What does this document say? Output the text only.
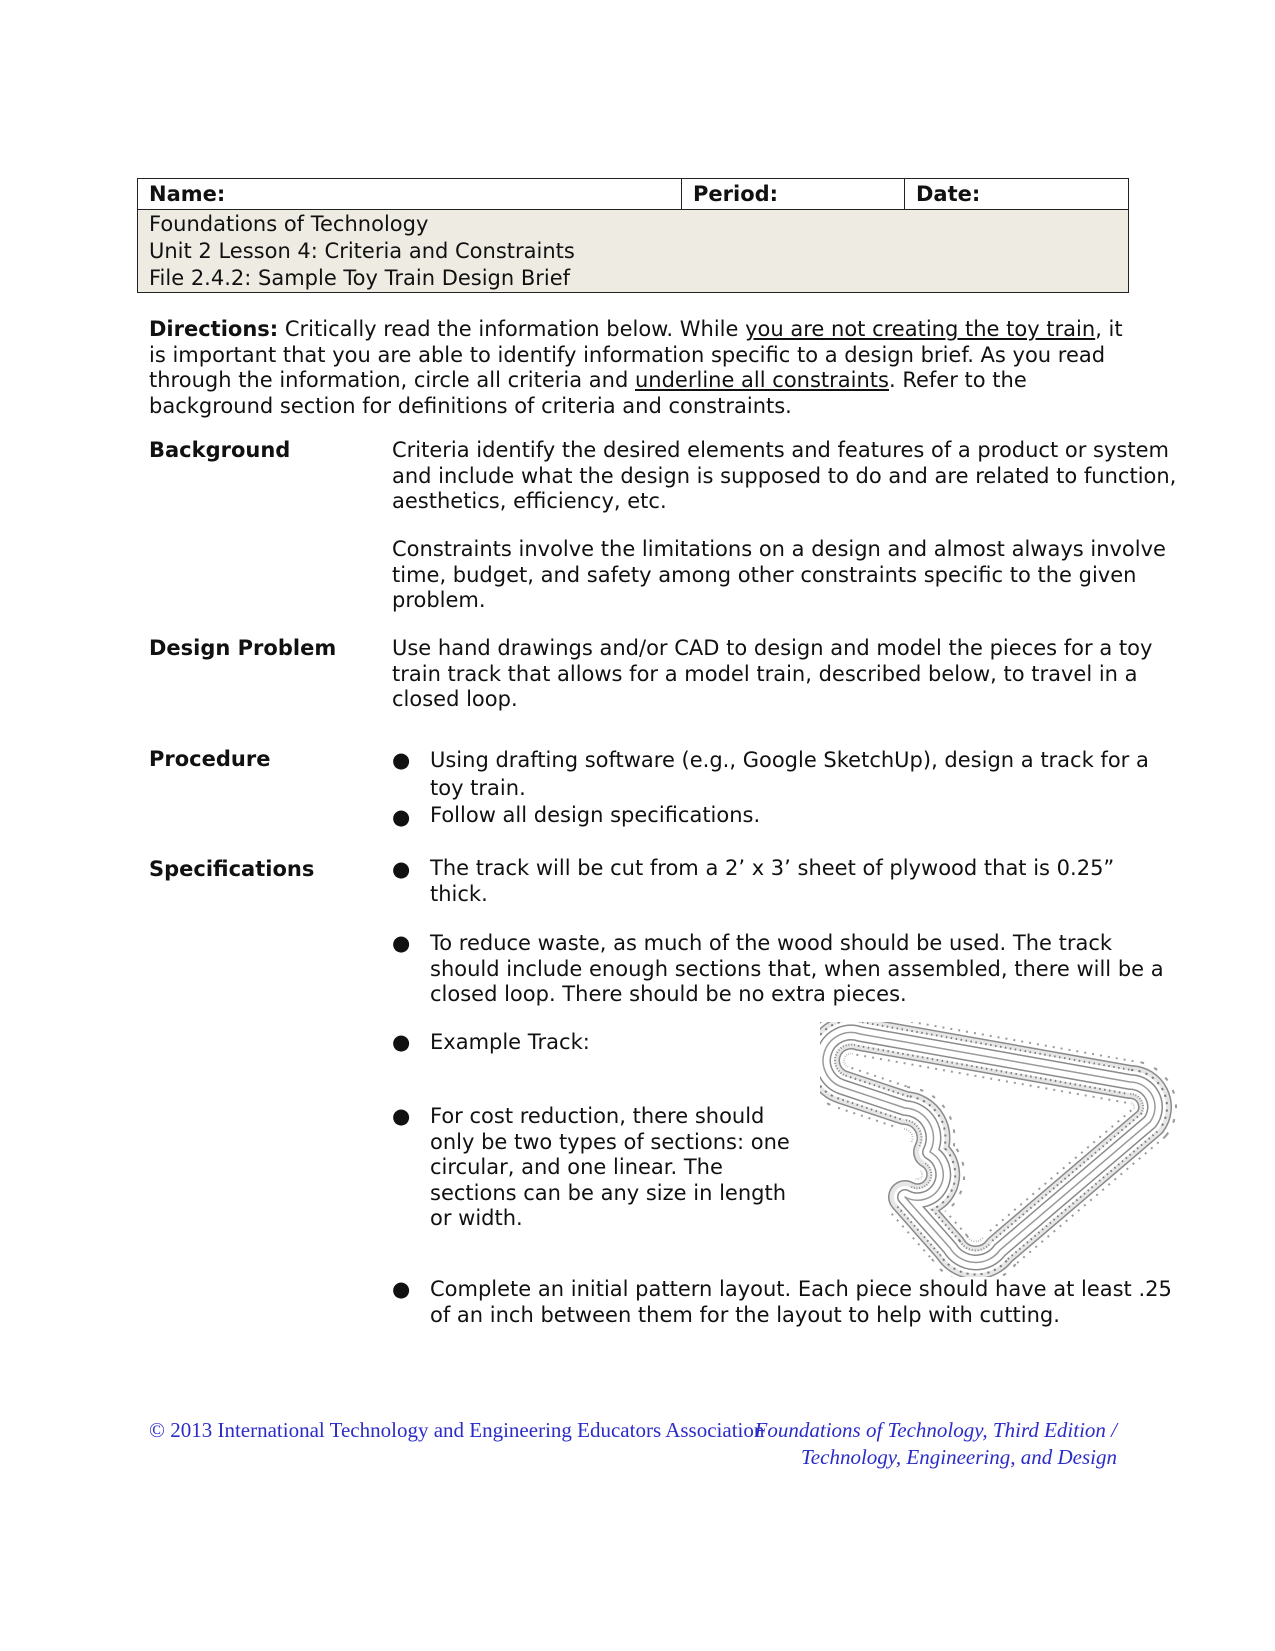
Name:	Period:	Date:
Foundations of Technology
Unit 2 Lesson 4: Criteria and Constraints
File 2.4.2: Sample Toy Train Design Brief
Directions: Critically read the information below. While you are not creating the toy train, it is important that you are able to identify information specific to a design brief. As you read through the information, circle all criteria and underline all constraints. Refer to the background section for definitions of criteria and constraints.
Background	Criteria identify the desired elements and features of a product or system and include what the design is supposed to do and are related to function, aesthetics, efficiency, etc.
Constraints involve the limitations on a design and almost always involve time, budget, and safety among other constraints specific to the given problem.
Design Problem	Use hand drawings and/or CAD to design and model the pieces for a toy train track that allows for a model train, described below, to travel in a closed loop.
Procedure	● Using drafting software (e.g., Google SketchUp), design a track for a toy train.
● Follow all design specifications.
Specifications	● The track will be cut from a 2’ x 3’ sheet of plywood that is 0.25” thick.
● To reduce waste, as much of the wood should be used. The track should include enough sections that, when assembled, there will be a closed loop. There should be no extra pieces.
● Example Track:
● For cost reduction, there should only be two types of sections: one circular, and one linear. The sections can be any size in length or width.
● Complete an initial pattern layout. Each piece should have at least .25 of an inch between them for the layout to help with cutting.
© 2013 International Technology and Engineering Educators Association
Foundations of Technology, Third Edition /
Technology, Engineering, and Design
